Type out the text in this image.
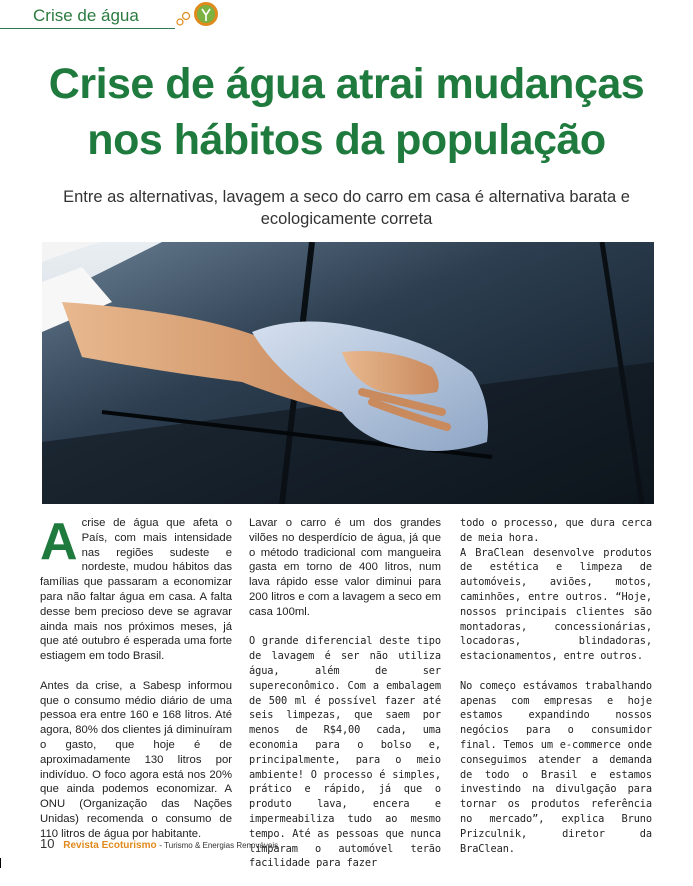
Crise de água
Crise de água atrai mudanças
nos hábitos da população
Entre as alternativas, lavagem a seco do carro em casa é alternativa barata e ecologicamente correta

Acrise de água que afeta o País, com mais intensidade nas regiões sudeste e nordeste, mudou hábitos das famílias que passaram a economizar para não faltar água em casa. A falta desse bem precioso deve se agravar ainda mais nos próximos meses, já que até outubro é esperada uma forte estiagem em todo Brasil.

Antes da crise, a Sabesp informou que o consumo médio diário de uma pessoa era entre 160 e 168 litros. Até agora, 80% dos clientes já diminuíram o gasto, que hoje é de aproximadamente 130 litros por indivíduo. O foco agora está nos 20% que ainda podemos economizar. A ONU (Organização das Nações Unidas) recomenda o consumo de 110 litros de água por habitante.

Lavar o carro é um dos grandes vilões no desperdício de água, já que o método tradicional com mangueira gasta em torno de 400 litros, num lava rápido esse valor diminui para 200 litros e com a lavagem a seco em casa 100ml.

O grande diferencial deste tipo de lavagem é ser não utiliza água, além de ser supereconômico. Com a embalagem de 500 ml é possível fazer até seis limpezas, que saem por menos de R$4,00 cada, uma economia para o bolso e, principalmente, para o meio ambiente! O processo é simples, prático e rápido, já que o produto lava, encera e impermeabiliza tudo ao mesmo tempo. Até as pessoas que nunca limparam o automóvel terão facilidade para fazer

todo o processo, que dura cerca de meia hora.

A BraClean desenvolve produtos de estética e limpeza de automóveis, aviões, motos, caminhões, entre outros. “Hoje, nossos principais clientes são montadoras, concessionárias, locadoras, blindadoras, estacionamentos, entre outros.

No começo estávamos trabalhando apenas com empresas e hoje estamos expandindo nossos negócios para o consumidor final. Temos um e-commerce onde conseguimos atender a demanda de todo o Brasil e estamos investindo na divulgação para tornar os produtos referência no mercado”, explica Bruno Prizculnik, diretor da BraClean.

10 Revista Ecoturismo - Turismo & Energias Renováveis
